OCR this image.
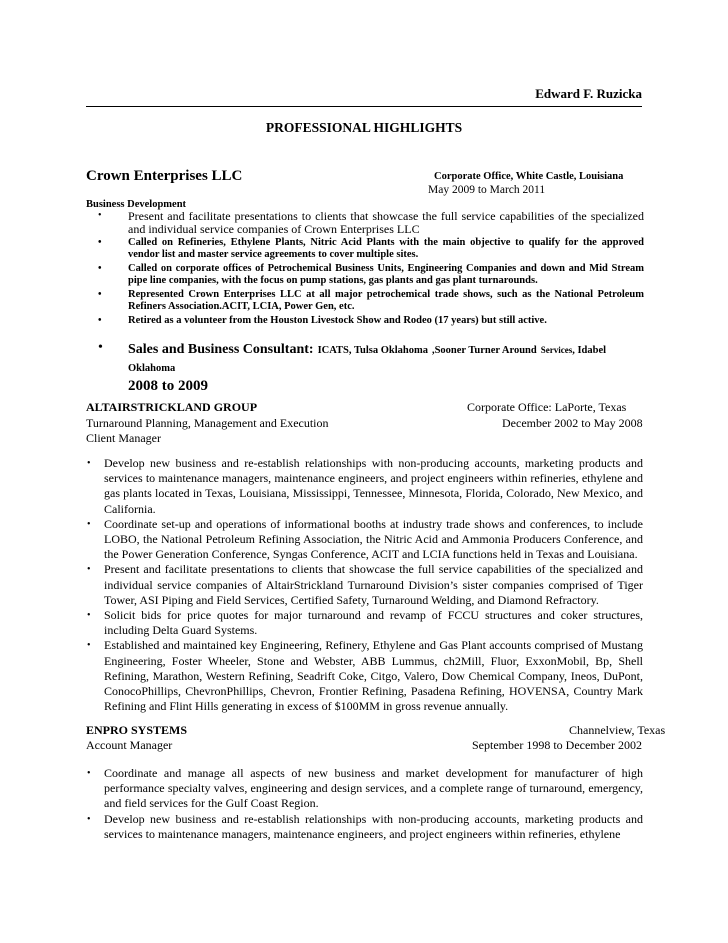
Edward F. Ruzicka
PROFESSIONAL HIGHLIGHTS
Crown Enterprises LLC	Corporate Office, White Castle, Louisiana
May 2009 to March 2011
Business Development
• Present and facilitate presentations to clients that showcase the full service capabilities of the specialized and individual service companies of Crown Enterprises LLC
•	Called on Refineries, Ethylene Plants, Nitric Acid Plants with the main objective to qualify for the approved vendor list and master service agreements to cover multiple sites.
•	Called on corporate offices of Petrochemical Business Units, Engineering Companies and down and Mid Stream pipe line companies, with the focus on pump stations, gas plants and gas plant turnarounds.
•	Represented Crown Enterprises LLC at all major petrochemical trade shows, such as the National Petroleum Refiners Association.ACIT, LCIA, Power Gen, etc.
•	Retired as a volunteer from the Houston Livestock Show and Rodeo (17 years) but still active.
• Sales and Business Consultant: ICATS, Tulsa Oklahoma ,Sooner Turner Around Services, Idabel Oklahoma
2008 to 2009
ALTAIRSTRICKLAND GROUP	Corporate Office: LaPorte, Texas
Turnaround Planning, Management and Execution	December 2002 to May 2008
Client Manager
• Develop new business and re-establish relationships with non-producing accounts, marketing products and services to maintenance managers, maintenance engineers, and project engineers within refineries, ethylene and gas plants located in Texas, Louisiana, Mississippi, Tennessee, Minnesota, Florida, Colorado, New Mexico, and California.
• Coordinate set-up and operations of informational booths at industry trade shows and conferences, to include LOBO, the National Petroleum Refining Association, the Nitric Acid and Ammonia Producers Conference, and the Power Generation Conference, Syngas Conference, ACIT and LCIA functions held in Texas and Louisiana.
• Present and facilitate presentations to clients that showcase the full service capabilities of the specialized and individual service companies of AltairStrickland Turnaround Division’s sister companies comprised of Tiger Tower, ASI Piping and Field Services, Certified Safety, Turnaround Welding, and Diamond Refractory.
• Solicit bids for price quotes for major turnaround and revamp of FCCU structures and coker structures, including Delta Guard Systems.
• Established and maintained key Engineering, Refinery, Ethylene and Gas Plant accounts comprised of Mustang Engineering, Foster Wheeler, Stone and Webster, ABB Lummus, ch2Mill, Fluor, ExxonMobil, Bp, Shell Refining, Marathon, Western Refining, Seadrift Coke, Citgo, Valero, Dow Chemical Company, Ineos, DuPont, ConocoPhillips, ChevronPhillips, Chevron, Frontier Refining, Pasadena Refining, HOVENSA, Country Mark Refining and Flint Hills generating in excess of $100MM in gross revenue annually.
ENPRO SYSTEMS	Channelview, Texas
Account Manager	September 1998 to December 2002
• Coordinate and manage all aspects of new business and market development for manufacturer of high performance specialty valves, engineering and design services, and a complete range of turnaround, emergency, and field services for the Gulf Coast Region.
• Develop new business and re-establish relationships with non-producing accounts, marketing products and services to maintenance managers, maintenance engineers, and project engineers within refineries, ethylene
